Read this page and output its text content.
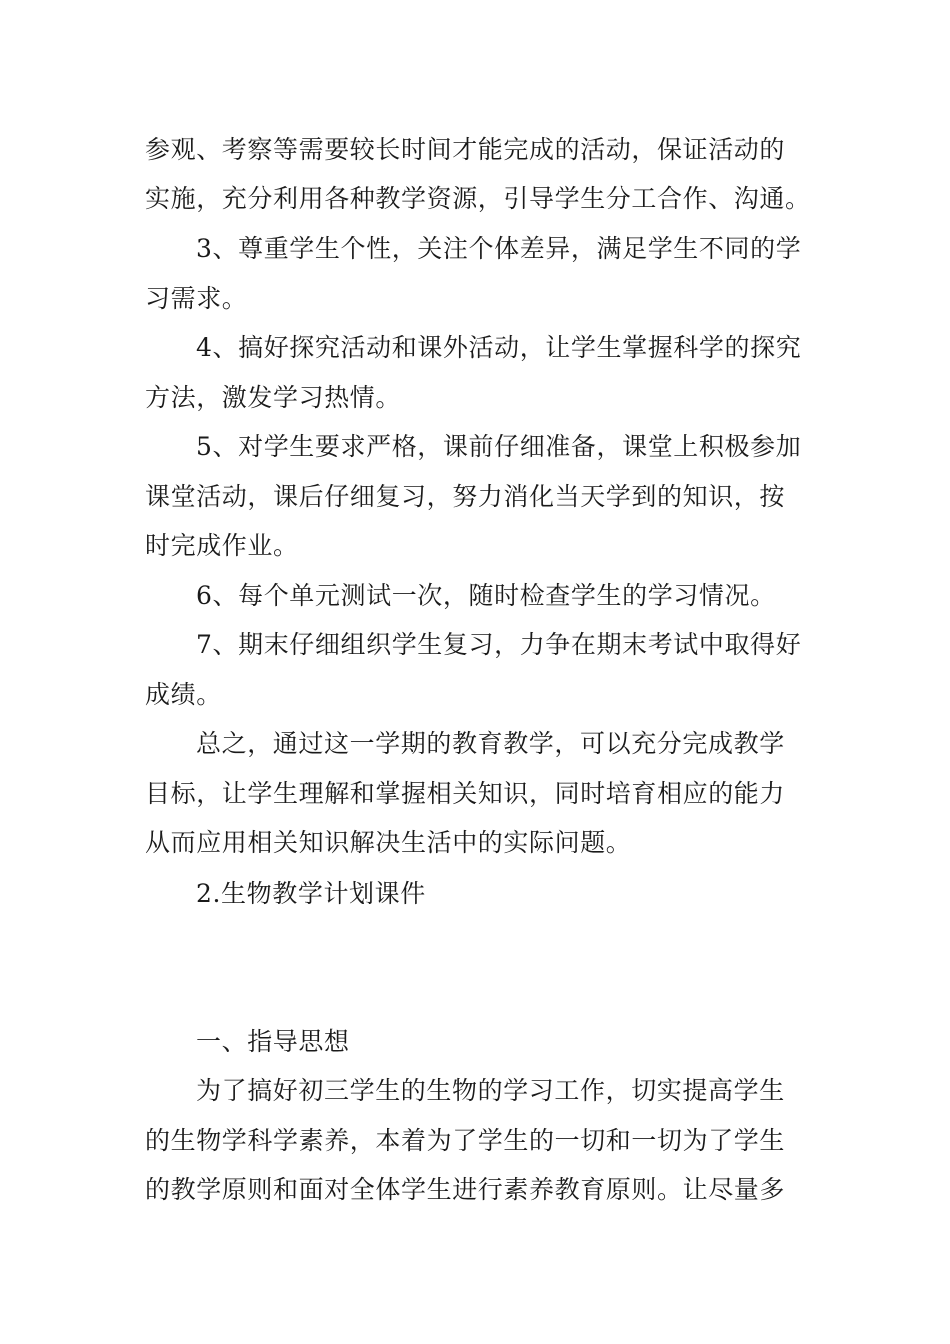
参观、考察等需要较长时间才能完成的活动，保证活动的
实施，充分利用各种教学资源，引导学生分工合作、沟通。
3、尊重学生个性，关注个体差异，满足学生不同的学
习需求。
4、搞好探究活动和课外活动，让学生掌握科学的探究
方法，激发学习热情。
5、对学生要求严格，课前仔细准备，课堂上积极参加
课堂活动，课后仔细复习，努力消化当天学到的知识，按
时完成作业。
6、每个单元测试一次，随时检查学生的学习情况。
7、期末仔细组织学生复习，力争在期末考试中取得好
成绩。
总之，通过这一学期的教育教学，可以充分完成教学
目标，让学生理解和掌握相关知识，同时培育相应的能力
从而应用相关知识解决生活中的实际问题。
2.生物教学计划课件
一、指导思想
为了搞好初三学生的生物的学习工作，切实提高学生
的生物学科学素养，本着为了学生的一切和一切为了学生
的教学原则和面对全体学生进行素养教育原则。让尽量多
